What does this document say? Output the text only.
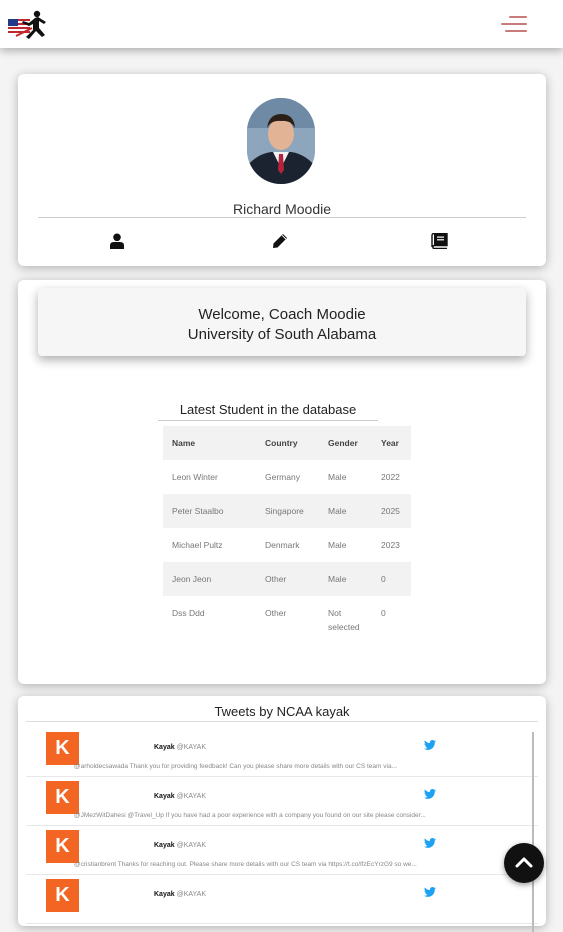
Richard Moodie
Welcome, Coach Moodie
University of South Alabama
Latest Student in the database
Name	Country	Gender	Year
Leon Winter	Germany	Male	2022
Peter Staalbo	Singapore	Male	2025
Michael Pultz	Denmark	Male	2023
Jeon Jeon	Other	Male	0
Dss Ddd	Other	Not selected	0
Tweets by NCAA kayak
K	Kayak @KAYAK
@arholdecsawada Thank you for providing feedback! Can you please share more details with our CS team via...
K	Kayak @KAYAK
@JMezWitDahesi @Travel_Up If you have had a poor experience with a company you found on our site please consider...
K	Kayak @KAYAK
@cristianbrent Thanks for reaching out. Please share more details with our CS team via https://t.co/lfzEcYrzG9 so we...
K	Kayak @KAYAK
